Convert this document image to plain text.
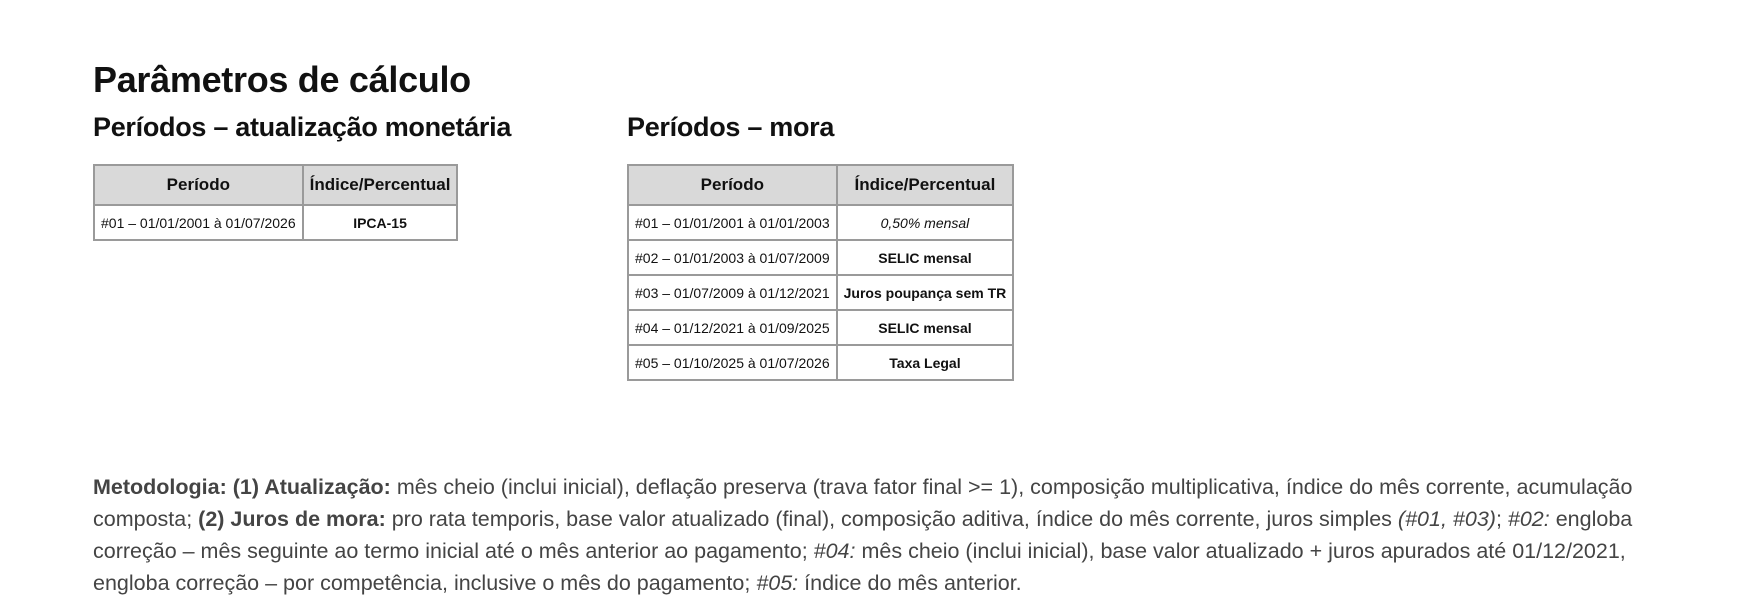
Parâmetros de cálculo
Períodos – atualização monetária
Período	Índice/Percentual
#01 – 01/01/2001 à 01/07/2026	IPCA-15
Períodos – mora
Período	Índice/Percentual
#01 – 01/01/2001 à 01/01/2003	0,50% mensal
#02 – 01/01/2003 à 01/07/2009	SELIC mensal
#03 – 01/07/2009 à 01/12/2021	Juros poupança sem TR
#04 – 01/12/2021 à 01/09/2025	SELIC mensal
#05 – 01/10/2025 à 01/07/2026	Taxa Legal

Metodologia: (1) Atualização: mês cheio (inclui inicial), deflação preserva (trava fator final >= 1), composição multiplicativa, índice do mês corrente, acumulação composta; (2) Juros de mora: pro rata temporis, base valor atualizado (final), composição aditiva, índice do mês corrente, juros simples (#01, #03); #02: engloba correção – mês seguinte ao termo inicial até o mês anterior ao pagamento; #04: mês cheio (inclui inicial), base valor atualizado + juros apurados até 01/12/2021, engloba correção – por competência, inclusive o mês do pagamento; #05: índice do mês anterior.
